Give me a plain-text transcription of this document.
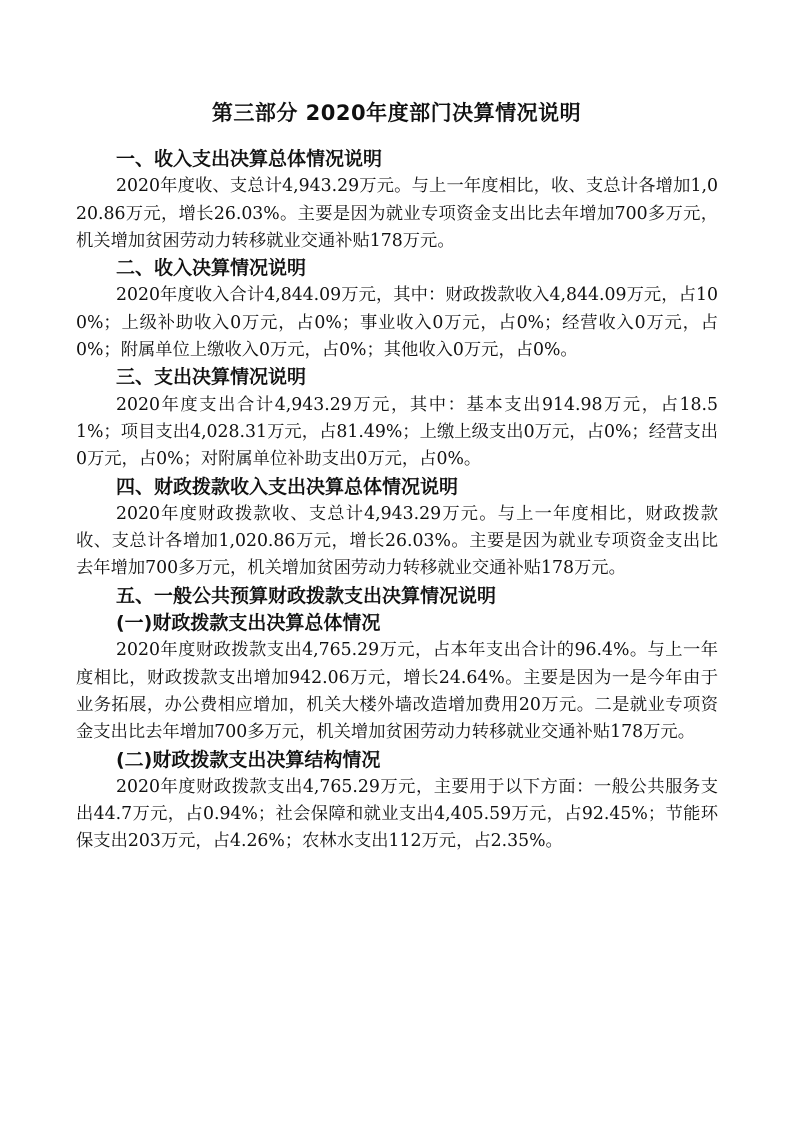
第三部分 2020年度部门决算情况说明
一、收入支出决算总体情况说明

2020年度收、支总计4,943.29万元。与上一年度相比，收、支总计各增加1,020.86万元，增长26.03%。主要是因为就业专项资金支出比去年增加700多万元，机关增加贫困劳动力转移就业交通补贴178万元。

二、收入决算情况说明

2020年度收入合计4,844.09万元，其中：财政拨款收入4,844.09万元，占100%；上级补助收入0万元，占0%；事业收入0万元，占0%；经营收入0万元，占0%；附属单位上缴收入0万元，占0%；其他收入0万元，占0%。

三、支出决算情况说明

2020年度支出合计4,943.29万元，其中：基本支出914.98万元，占18.51%；项目支出4,028.31万元，占81.49%；上缴上级支出0万元，占0%；经营支出0万元，占0%；对附属单位补助支出0万元，占0%。

四、财政拨款收入支出决算总体情况说明

2020年度财政拨款收、支总计4,943.29万元。与上一年度相比，财政拨款收、支总计各增加1,020.86万元，增长26.03%。主要是因为就业专项资金支出比去年增加700多万元，机关增加贫困劳动力转移就业交通补贴178万元。

五、一般公共预算财政拨款支出决算情况说明
(一)财政拨款支出决算总体情况

2020年度财政拨款支出4,765.29万元，占本年支出合计的96.4%。与上一年度相比，财政拨款支出增加942.06万元，增长24.64%。主要是因为一是今年由于业务拓展，办公费相应增加，机关大楼外墙改造增加费用20万元。二是就业专项资金支出比去年增加700多万元，机关增加贫困劳动力转移就业交通补贴178万元。

(二)财政拨款支出决算结构情况

2020年度财政拨款支出4,765.29万元，主要用于以下方面：一般公共服务支出44.7万元，占0.94%；社会保障和就业支出4,405.59万元，占92.45%；节能环保支出203万元，占4.26%；农林水支出112万元，占2.35%。
